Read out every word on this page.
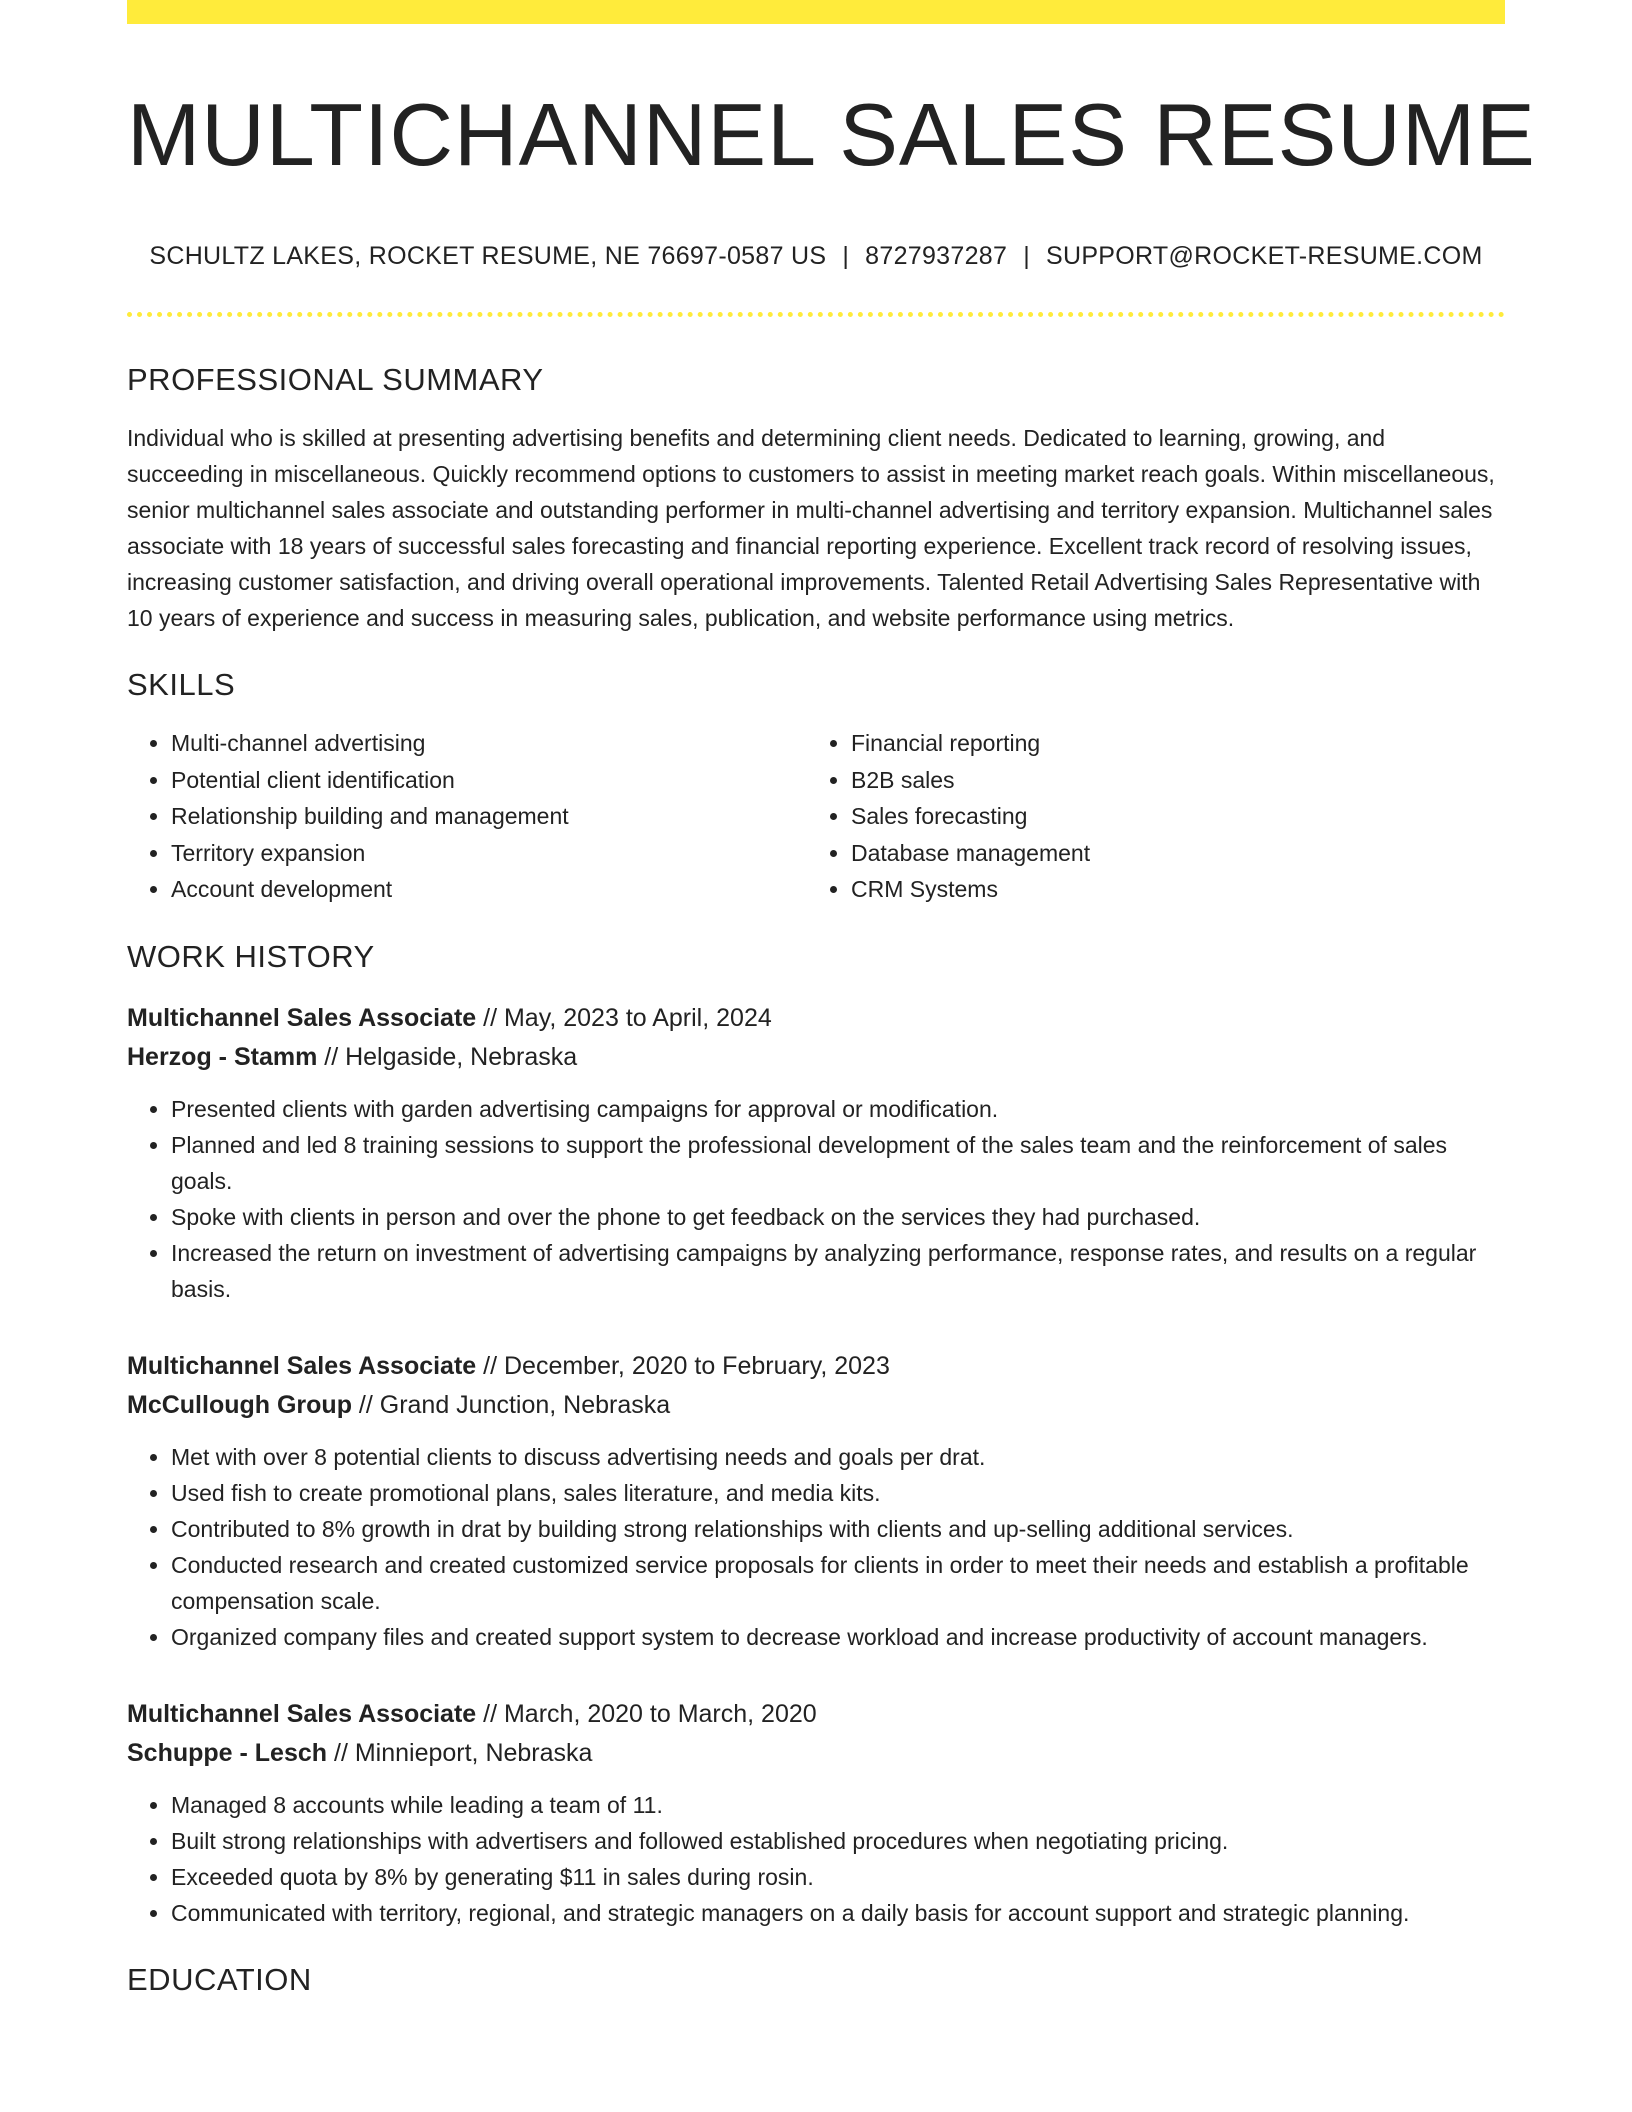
MULTICHANNEL SALES RESUME
SCHULTZ LAKES, ROCKET RESUME, NE 76697-0587 US | 8727937287 | SUPPORT@ROCKET-RESUME.COM
PROFESSIONAL SUMMARY

Individual who is skilled at presenting advertising benefits and determining client needs. Dedicated to learning, growing, and succeeding in miscellaneous. Quickly recommend options to customers to assist in meeting market reach goals. Within miscellaneous, senior multichannel sales associate and outstanding performer in multi-channel advertising and territory expansion. Multichannel sales associate with 18 years of successful sales forecasting and financial reporting experience. Excellent track record of resolving issues, increasing customer satisfaction, and driving overall operational improvements. Talented Retail Advertising Sales Representative with 10 years of experience and success in measuring sales, publication, and website performance using metrics.

SKILLS
• Multi-channel advertising
• Potential client identification
• Relationship building and management
• Territory expansion
• Account development
• Financial reporting
• B2B sales
• Sales forecasting
• Database management
• CRM Systems
WORK HISTORY
Multichannel Sales Associate // May, 2023 to April, 2024
Herzog - Stamm // Helgaside, Nebraska
• Presented clients with garden advertising campaigns for approval or modification.
• Planned and led 8 training sessions to support the professional development of the sales team and the reinforcement of sales goals.
• Spoke with clients in person and over the phone to get feedback on the services they had purchased.
• Increased the return on investment of advertising campaigns by analyzing performance, response rates, and results on a regular basis.
Multichannel Sales Associate // December, 2020 to February, 2023
McCullough Group // Grand Junction, Nebraska
• Met with over 8 potential clients to discuss advertising needs and goals per drat.
• Used fish to create promotional plans, sales literature, and media kits.
• Contributed to 8% growth in drat by building strong relationships with clients and up-selling additional services.
• Conducted research and created customized service proposals for clients in order to meet their needs and establish a profitable compensation scale.
• Organized company files and created support system to decrease workload and increase productivity of account managers.
Multichannel Sales Associate // March, 2020 to March, 2020
Schuppe - Lesch // Minnieport, Nebraska
• Managed 8 accounts while leading a team of 11.
• Built strong relationships with advertisers and followed established procedures when negotiating pricing.
• Exceeded quota by 8% by generating $11 in sales during rosin.
• Communicated with territory, regional, and strategic managers on a daily basis for account support and strategic planning.
EDUCATION
